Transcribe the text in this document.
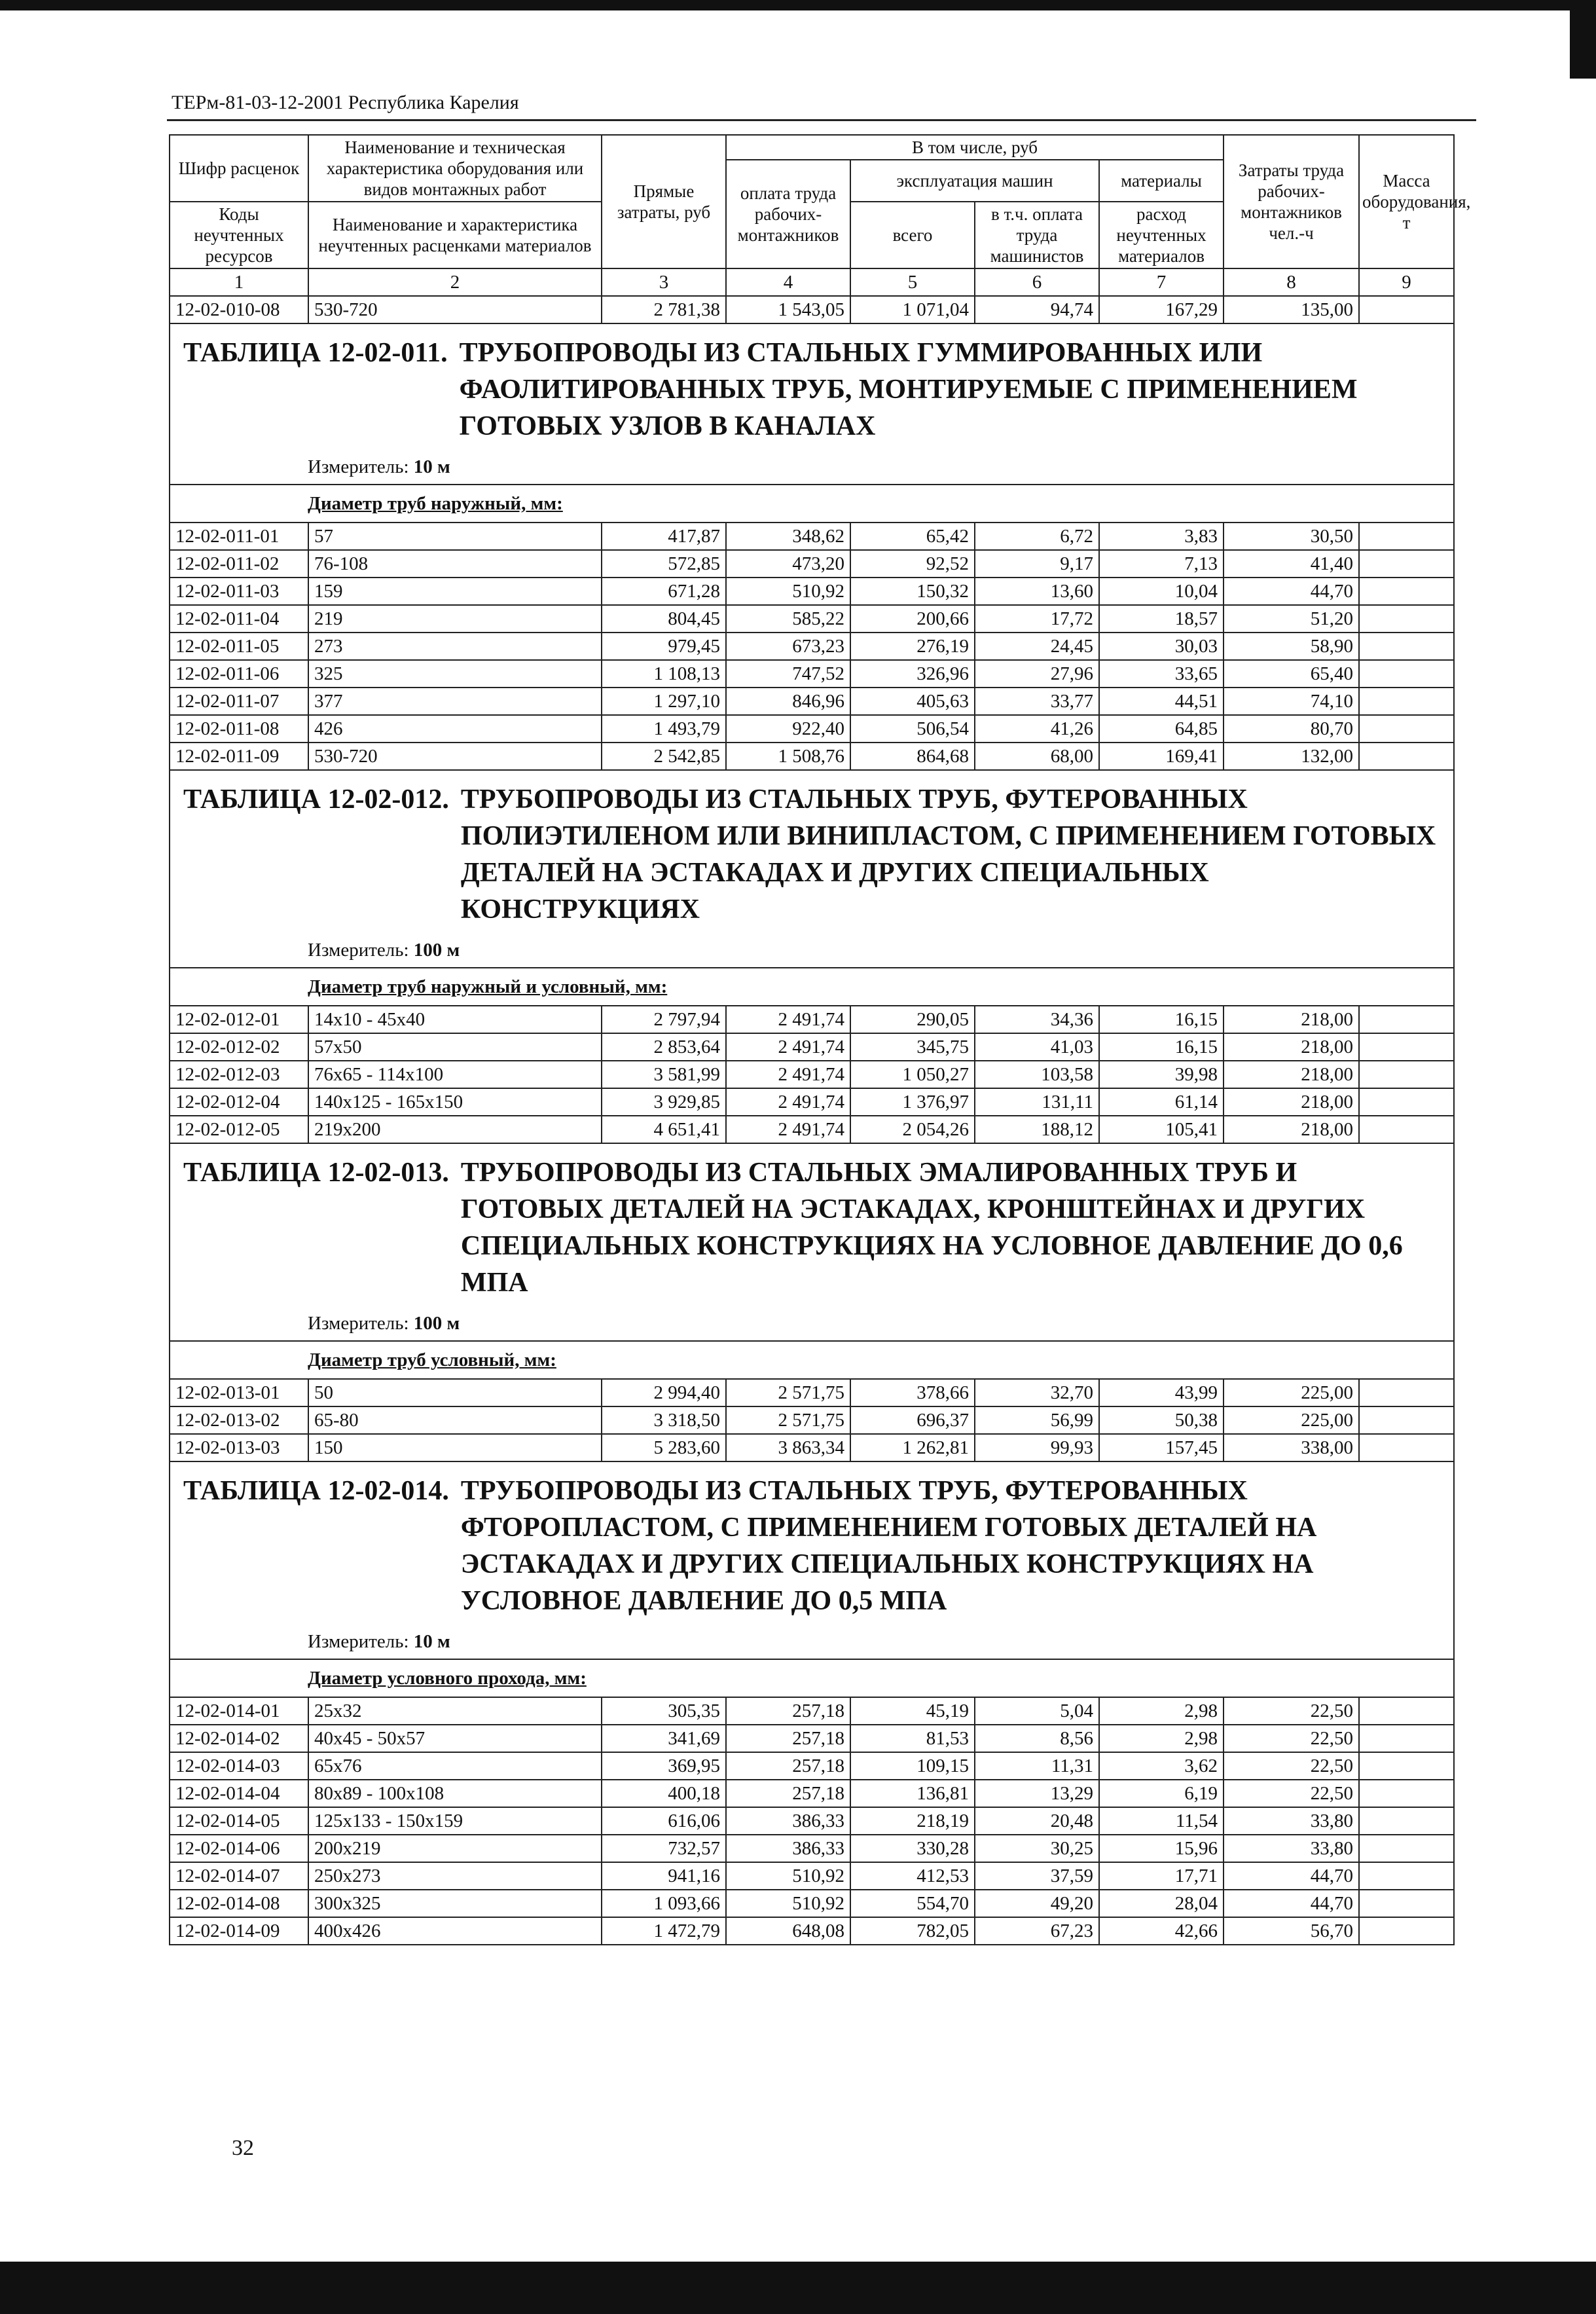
ТЕРм-81-03-12-2001 Республика Карелия
Шифр расценок	Наименование и техническая характеристика оборудования или видов монтажных работ	Прямые затраты, руб	В том числе, руб				Затраты труда рабочих-монтажников чел.-ч	Масса оборудования, т
			оплата труда рабочих-монтажников	эксплуатация машин		материалы		
Коды неучтенных ресурсов	Наименование и характеристика неучтенных расценками материалов			всего	в т.ч. оплата труда машинистов	расход неучтенных материалов		

1	2	3	4	5	6	7	8	9
12-02-010-08	530-720	2 781,38	1 543,05	1 071,04	94,74	167,29	135,00	

ТАБЛИЦА 12-02-011. ТРУБОПРОВОДЫ ИЗ СТАЛЬНЫХ ГУММИРОВАННЫХ ИЛИ ФАОЛИТИРОВАННЫХ ТРУБ, МОНТИРУЕМЫЕ С ПРИМЕНЕНИЕМ ГОТОВЫХ УЗЛОВ В КАНАЛАХ								

Измеритель: 10 м								
Диаметр труб наружный, мм:								
12-02-011-01	57	417,87	348,62	65,42	6,72	3,83	30,50	
12-02-011-02	76-108	572,85	473,20	92,52	9,17	7,13	41,40	
12-02-011-03	159	671,28	510,92	150,32	13,60	10,04	44,70	
12-02-011-04	219	804,45	585,22	200,66	17,72	18,57	51,20	
12-02-011-05	273	979,45	673,23	276,19	24,45	30,03	58,90	
12-02-011-06	325	1 108,13	747,52	326,96	27,96	33,65	65,40	
12-02-011-07	377	1 297,10	846,96	405,63	33,77	44,51	74,10	
12-02-011-08	426	1 493,79	922,40	506,54	41,26	64,85	80,70	
12-02-011-09	530-720	2 542,85	1 508,76	864,68	68,00	169,41	132,00	

ТАБЛИЦА 12-02-012. ТРУБОПРОВОДЫ ИЗ СТАЛЬНЫХ ТРУБ, ФУТЕРОВАННЫХ ПОЛИЭТИЛЕНОМ ИЛИ ВИНИПЛАСТОМ, С ПРИМЕНЕНИЕМ ГОТОВЫХ ДЕТАЛЕЙ НА ЭСТАКАДАХ И ДРУГИХ СПЕЦИАЛЬНЫХ КОНСТРУКЦИЯХ								

Измеритель: 100 м								
Диаметр труб наружный и условный, мм:								
12-02-012-01	14x10 - 45x40	2 797,94	2 491,74	290,05	34,36	16,15	218,00	
12-02-012-02	57x50	2 853,64	2 491,74	345,75	41,03	16,15	218,00	
12-02-012-03	76x65 - 114x100	3 581,99	2 491,74	1 050,27	103,58	39,98	218,00	
12-02-012-04	140x125 - 165x150	3 929,85	2 491,74	1 376,97	131,11	61,14	218,00	
12-02-012-05	219x200	4 651,41	2 491,74	2 054,26	188,12	105,41	218,00	

ТАБЛИЦА 12-02-013. ТРУБОПРОВОДЫ ИЗ СТАЛЬНЫХ ЭМАЛИРОВАННЫХ ТРУБ И ГОТОВЫХ ДЕТАЛЕЙ НА ЭСТАКАДАХ, КРОНШТЕЙНАХ И ДРУГИХ СПЕЦИАЛЬНЫХ КОНСТРУКЦИЯХ НА УСЛОВНОЕ ДАВЛЕНИЕ ДО 0,6 МПА								

Измеритель: 100 м								
Диаметр труб условный, мм:								
12-02-013-01	50	2 994,40	2 571,75	378,66	32,70	43,99	225,00	
12-02-013-02	65-80	3 318,50	2 571,75	696,37	56,99	50,38	225,00	
12-02-013-03	150	5 283,60	3 863,34	1 262,81	99,93	157,45	338,00	

ТАБЛИЦА 12-02-014. ТРУБОПРОВОДЫ ИЗ СТАЛЬНЫХ ТРУБ, ФУТЕРОВАННЫХ ФТОРОПЛАСТОМ, С ПРИМЕНЕНИЕМ ГОТОВЫХ ДЕТАЛЕЙ НА ЭСТАКАДАХ И ДРУГИХ СПЕЦИАЛЬНЫХ КОНСТРУКЦИЯХ НА УСЛОВНОЕ ДАВЛЕНИЕ ДО 0,5 МПА								

Измеритель: 10 м								
Диаметр условного прохода, мм:								
12-02-014-01	25x32	305,35	257,18	45,19	5,04	2,98	22,50	
12-02-014-02	40x45 - 50x57	341,69	257,18	81,53	8,56	2,98	22,50	
12-02-014-03	65x76	369,95	257,18	109,15	11,31	3,62	22,50	
12-02-014-04	80x89 - 100x108	400,18	257,18	136,81	13,29	6,19	22,50	
12-02-014-05	125x133 - 150x159	616,06	386,33	218,19	20,48	11,54	33,80	
12-02-014-06	200x219	732,57	386,33	330,28	30,25	15,96	33,80	
12-02-014-07	250x273	941,16	510,92	412,53	37,59	17,71	44,70	
12-02-014-08	300x325	1 093,66	510,92	554,70	49,20	28,04	44,70	
12-02-014-09	400x426	1 472,79	648,08	782,05	67,23	42,66	56,70	
32
